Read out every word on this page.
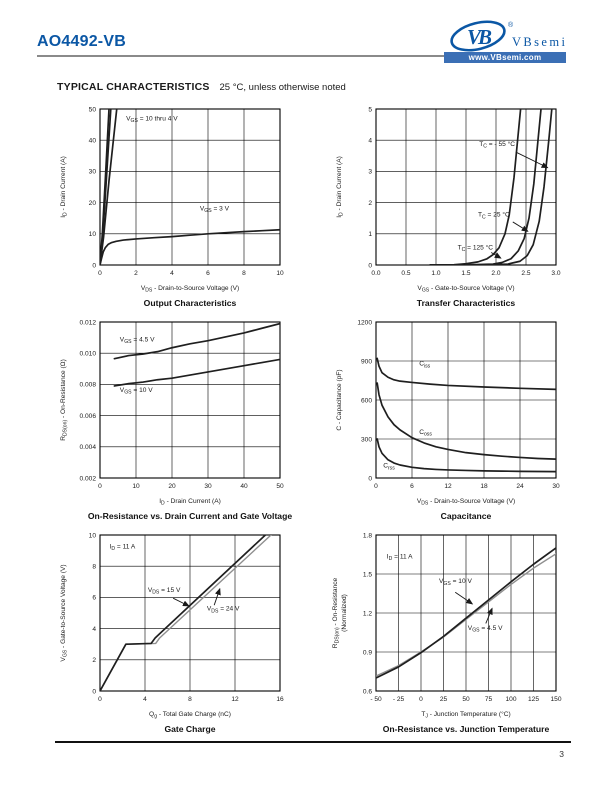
AO4492-VB	VB	®
VBsemi
www.VBsemi.com
TYPICAL CHARACTERISTICS 25 °C, unless otherwise noted
0	2	4	6	8	10
0
10
20
30
40
50
$V_{DS}$ - Drain-to-Source Voltage (V)
$I_D$ - Drain Current (A)
$V_{GS} = 10$ thru 4 V
$V_{GS} = 3$ V
Output Characteristics
0.0	0.5	1.0	1.5	2.0	2.5	3.0
0
1
2
3
4
5
$V_{GS}$ - Gate-to-Source Voltage (V)
$I_D$ - Drain Current (A)
$T_C$ = - 55 °C
$T_C = 25$ °C
$T_C = 125$ °C
Transfer Characteristics
0	10	20	30	40	50
0.002
0.004
0.006
0.008
0.010
0.012
$I_D$ - Drain Current (A)
$R_{DS(on)}$ - On-Resistance (Ω)
$V_{GS} = 4.5$ V
$V_{GS} = 10$ V
On-Resistance vs. Drain Current and Gate Voltage
0	6	12	18	24	30
0
300
600
900
1200
$V_{DS}$ - Drain-to-Source Voltage (V)
C - Capacitance (pF)
$C_{iss}$
$C_{oss}$
$C_{rss}$
Capacitance
0	4	8	12	16
0
2
4
6
8
10
$Q_g$ - Total Gate Charge (nC)
$V_{GS}$ - Gate-to-Source Voltage (V)
$I_D = 11$ A
$V_{DS} = 15$ V
$V_{DS} = 24$ V
Gate Charge
- 50 - 25 0	25 50 75 100 125 150
0.6
0.9
1.2
1.5
1.8
$T_J$ - Junction Temperature (°C)
$R_{DS(on)}$ - On-Resistance (Normalized)
$I_D = 11$ A
$V_{GS} = 10$ V
$V_{GS} = 4.5$ V
On-Resistance vs. Junction Temperature
3
